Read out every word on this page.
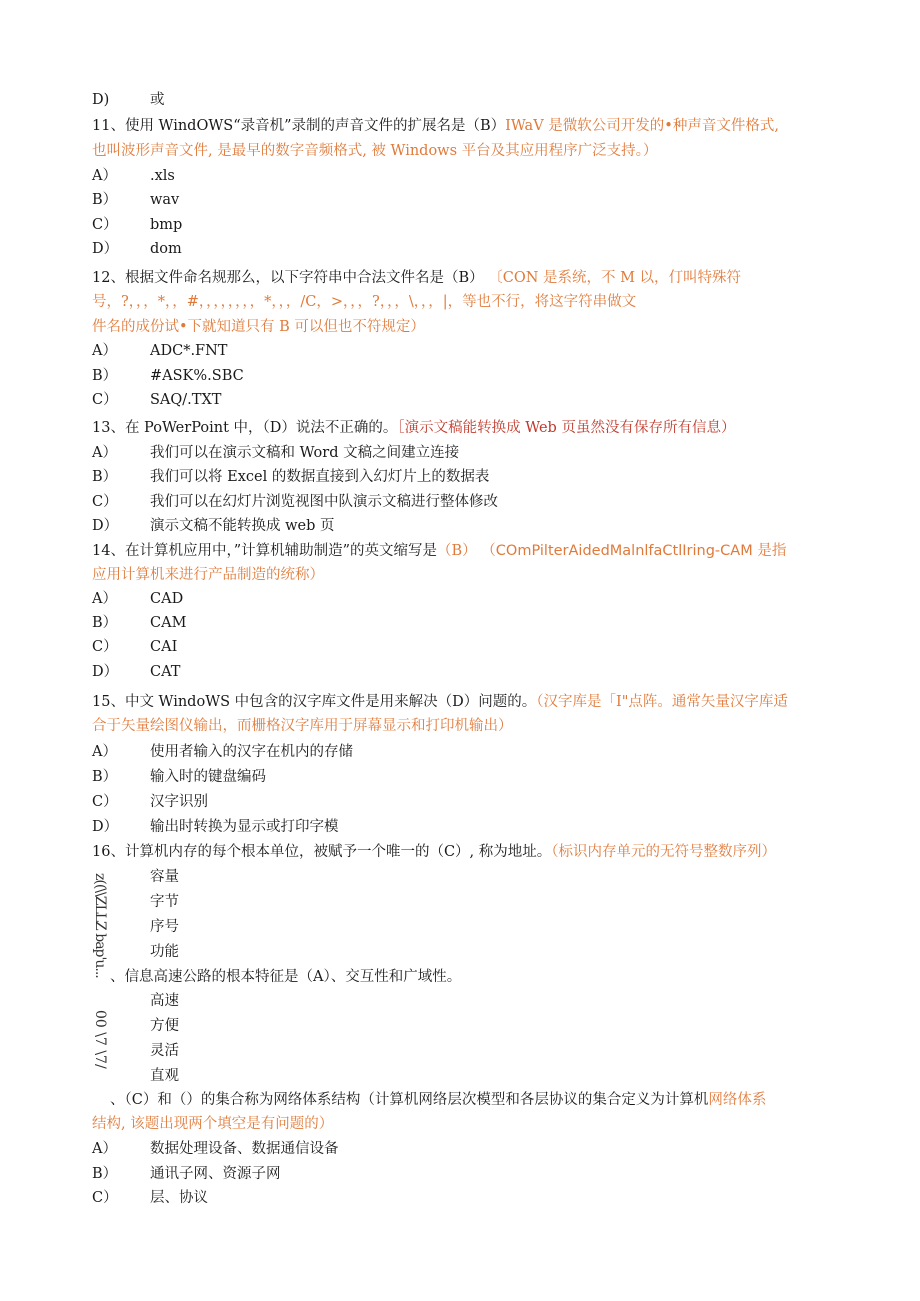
D)	或
11、使用 WindOWS“录音机”录制的声音文件的扩展名是（B）IWaV 是微软公司开发的•种声音文件格式,
也叫波形声音文件, 是最早的数字音频格式, 被 Windows 平台及其应用程序广泛支持。）
A） .xls
B） wav
C） bmp
D） dom
12、根据文件命名规那么，以下字符串中合法文件名是（B） 〔CON 是系统，不 M 以，仃叫特殊符
号，?，，，*，，#，，，，，，，，*，，，/C，>，，，?，，，\，，，|，等也不行，将这字符串做文
件名的成份试•下就知道只有 B 可以但也不符规定）
A） ADC*.FNT
B） #ASK%.SBC
C） SAQ/.TXT
13、在 PoWerPoint 中，（D）说法不正确的。［演示文稿能转换成 Web 页虽然没有保存所有信息）
A） 我们可以在演示文稿和 Word 文稿之间建立连接
B） 我们可以将 Excel 的数据直接到入幻灯片上的数据表
C） 我们可以在幻灯片浏览视图中队演示文稿进行整体修改
D） 演示文稿不能转换成 web 页
14、在计算机应用中，”计算机辅助制造”的英文缩写是（B） （COmPilterAidedMalnlfaCtlIring-CAM 是指
应用计算机来进行产品制造的统称）
A） CAD
B） CAM
C） CAI
D） CAT
15、中文 WindoWS 中包含的汉字库文件是用来解决（D）问题的。（汉字库是「I"点阵。通常矢量汉字库适
合于矢量绘图仪输出，而栅格汉字库用于屏幕显示和打印机输出）
A） 使用者输入的汉字在机内的存储
B） 输入时的键盘编码
C） 汉字识别
D） 输出时转换为显示或打印字模
16、计算机内存的每个根本单位，被赋予一个唯一的（C）, 称为地址。（标识内存单元的无符号整数序列）
z((\\ZLLZ bap'u...	容量
字节
序号
功能
、信息高速公路的根本特征是（A）、交互性和广域性。
00 \7 \7/
高速
方便
灵活
直观
、（C）和（）的集合称为网络体系结构（计算机网络层次模型和各层协议的集合定义为计算机网络体系
结构, 该题出现两个填空是有问题的）
A） 数据处理设备、数据通信设备
B） 通讯子网、资源子网
C） 层、协议
